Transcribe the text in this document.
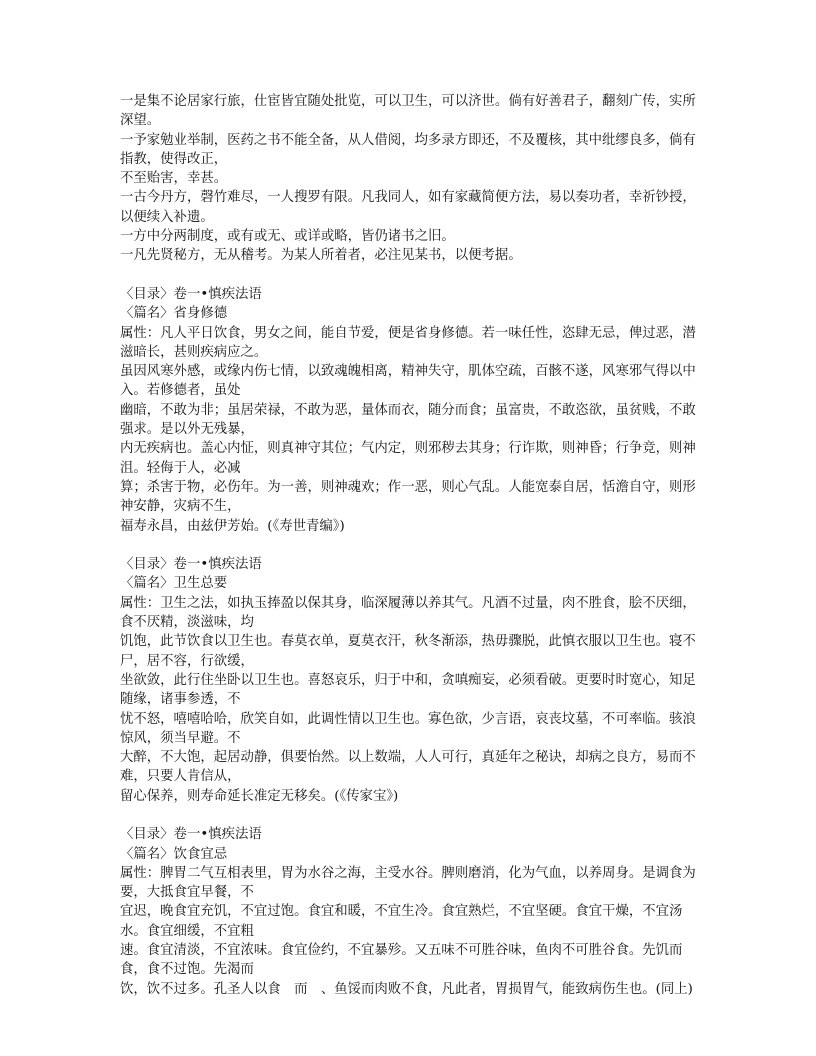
一是集不论居家行旅，仕宦皆宜随处批览，可以卫生，可以济世。倘有好善君子，翻刻广传，实所深望。
一予家勉业举制，医药之书不能全备，从人借阅，均多录方即还，不及覆核，其中纰缪良多，倘有指教，使得改正，
不至贻害，幸甚。
一古今丹方，磬竹难尽，一人搜罗有限。凡我同人，如有家藏简便方法，易以奏功者，幸祈钞授，以便续入补遗。
一方中分两制度，或有或无、或详或略，皆仍诸书之旧。
一凡先贤秘方，无从稽考。为某人所着者，必注见某书，以便考据。
〈目录〉卷一•慎疾法语
〈篇名〉省身修德
属性：凡人平日饮食，男女之间，能自节爱，便是省身修德。若一味任性，恣肆无忌，俾过恶，潜滋暗长，甚则疾病应之。
虽因风寒外感，或缘内伤七情，以致魂魄相离，精神失守，肌体空疏，百骸不遂，风寒邪气得以中入。若修德者，虽处
幽暗，不敢为非；虽居荣禄，不敢为恶，量体而衣，随分而食；虽富贵，不敢恣欲，虽贫贱，不敢强求。是以外无残暴，
内无疾病也。盖心内怔，则真神守其位；气内定，则邪秽去其身；行诈欺，则神昏；行争竞，则神沮。轻侮于人，必减
算；杀害于物，必伤年。为一善，则神魂欢；作一恶，则心气乱。人能宽泰自居，恬澹自守，则形神安静，灾病不生，
福寿永昌，由兹伊芳始。(《寿世青编》)
〈目录〉卷一•慎疾法语
〈篇名〉卫生总要
属性：卫生之法，如执玉捧盈以保其身，临深履薄以养其气。凡酒不过量，肉不胜食，脍不厌细，食不厌精，淡滋味，均
饥饱，此节饮食以卫生也。春莫衣单，夏莫衣汗，秋冬渐添，热毋骤脱，此慎衣服以卫生也。寝不尸，居不容，行欲缓，
坐欲敛，此行住坐卧以卫生也。喜怒哀乐，归于中和，贪嗔痴妄，必须看破。更要时时宽心，知足随缘，诸事参透，不
忧不怒，嘻嘻哈哈，欣笑自如，此调性情以卫生也。寡色欲，少言语，哀丧坟墓，不可率临。骇浪惊风，须当早避。不
大醉，不大饱，起居动静，俱要怡然。以上数端，人人可行，真延年之秘诀，却病之良方，易而不难，只要人肯信从，
留心保养，则寿命延长准定无移矣。(《传家宝》)
〈目录〉卷一•慎疾法语
〈篇名〉饮食宜忌
属性：脾胃二气互相表里，胃为水谷之海，主受水谷。脾则磨消，化为气血，以养周身。是调食为要，大抵食宜早餐，不
宜迟，晚食宜充饥，不宜过饱。食宜和暖，不宜生冷。食宜熟烂，不宜坚硬。食宜干燥，不宜汤水。食宜细缓，不宜粗
速。食宜清淡，不宜浓味。食宜俭约，不宜暴殄。又五味不可胜谷味，鱼肉不可胜谷食。先饥而食，食不过饱。先渴而
饮，饮不过多。孔圣人以食　而　、鱼馁而肉败不食，凡此者，胃损胃气，能致病伤生也。(同上)
